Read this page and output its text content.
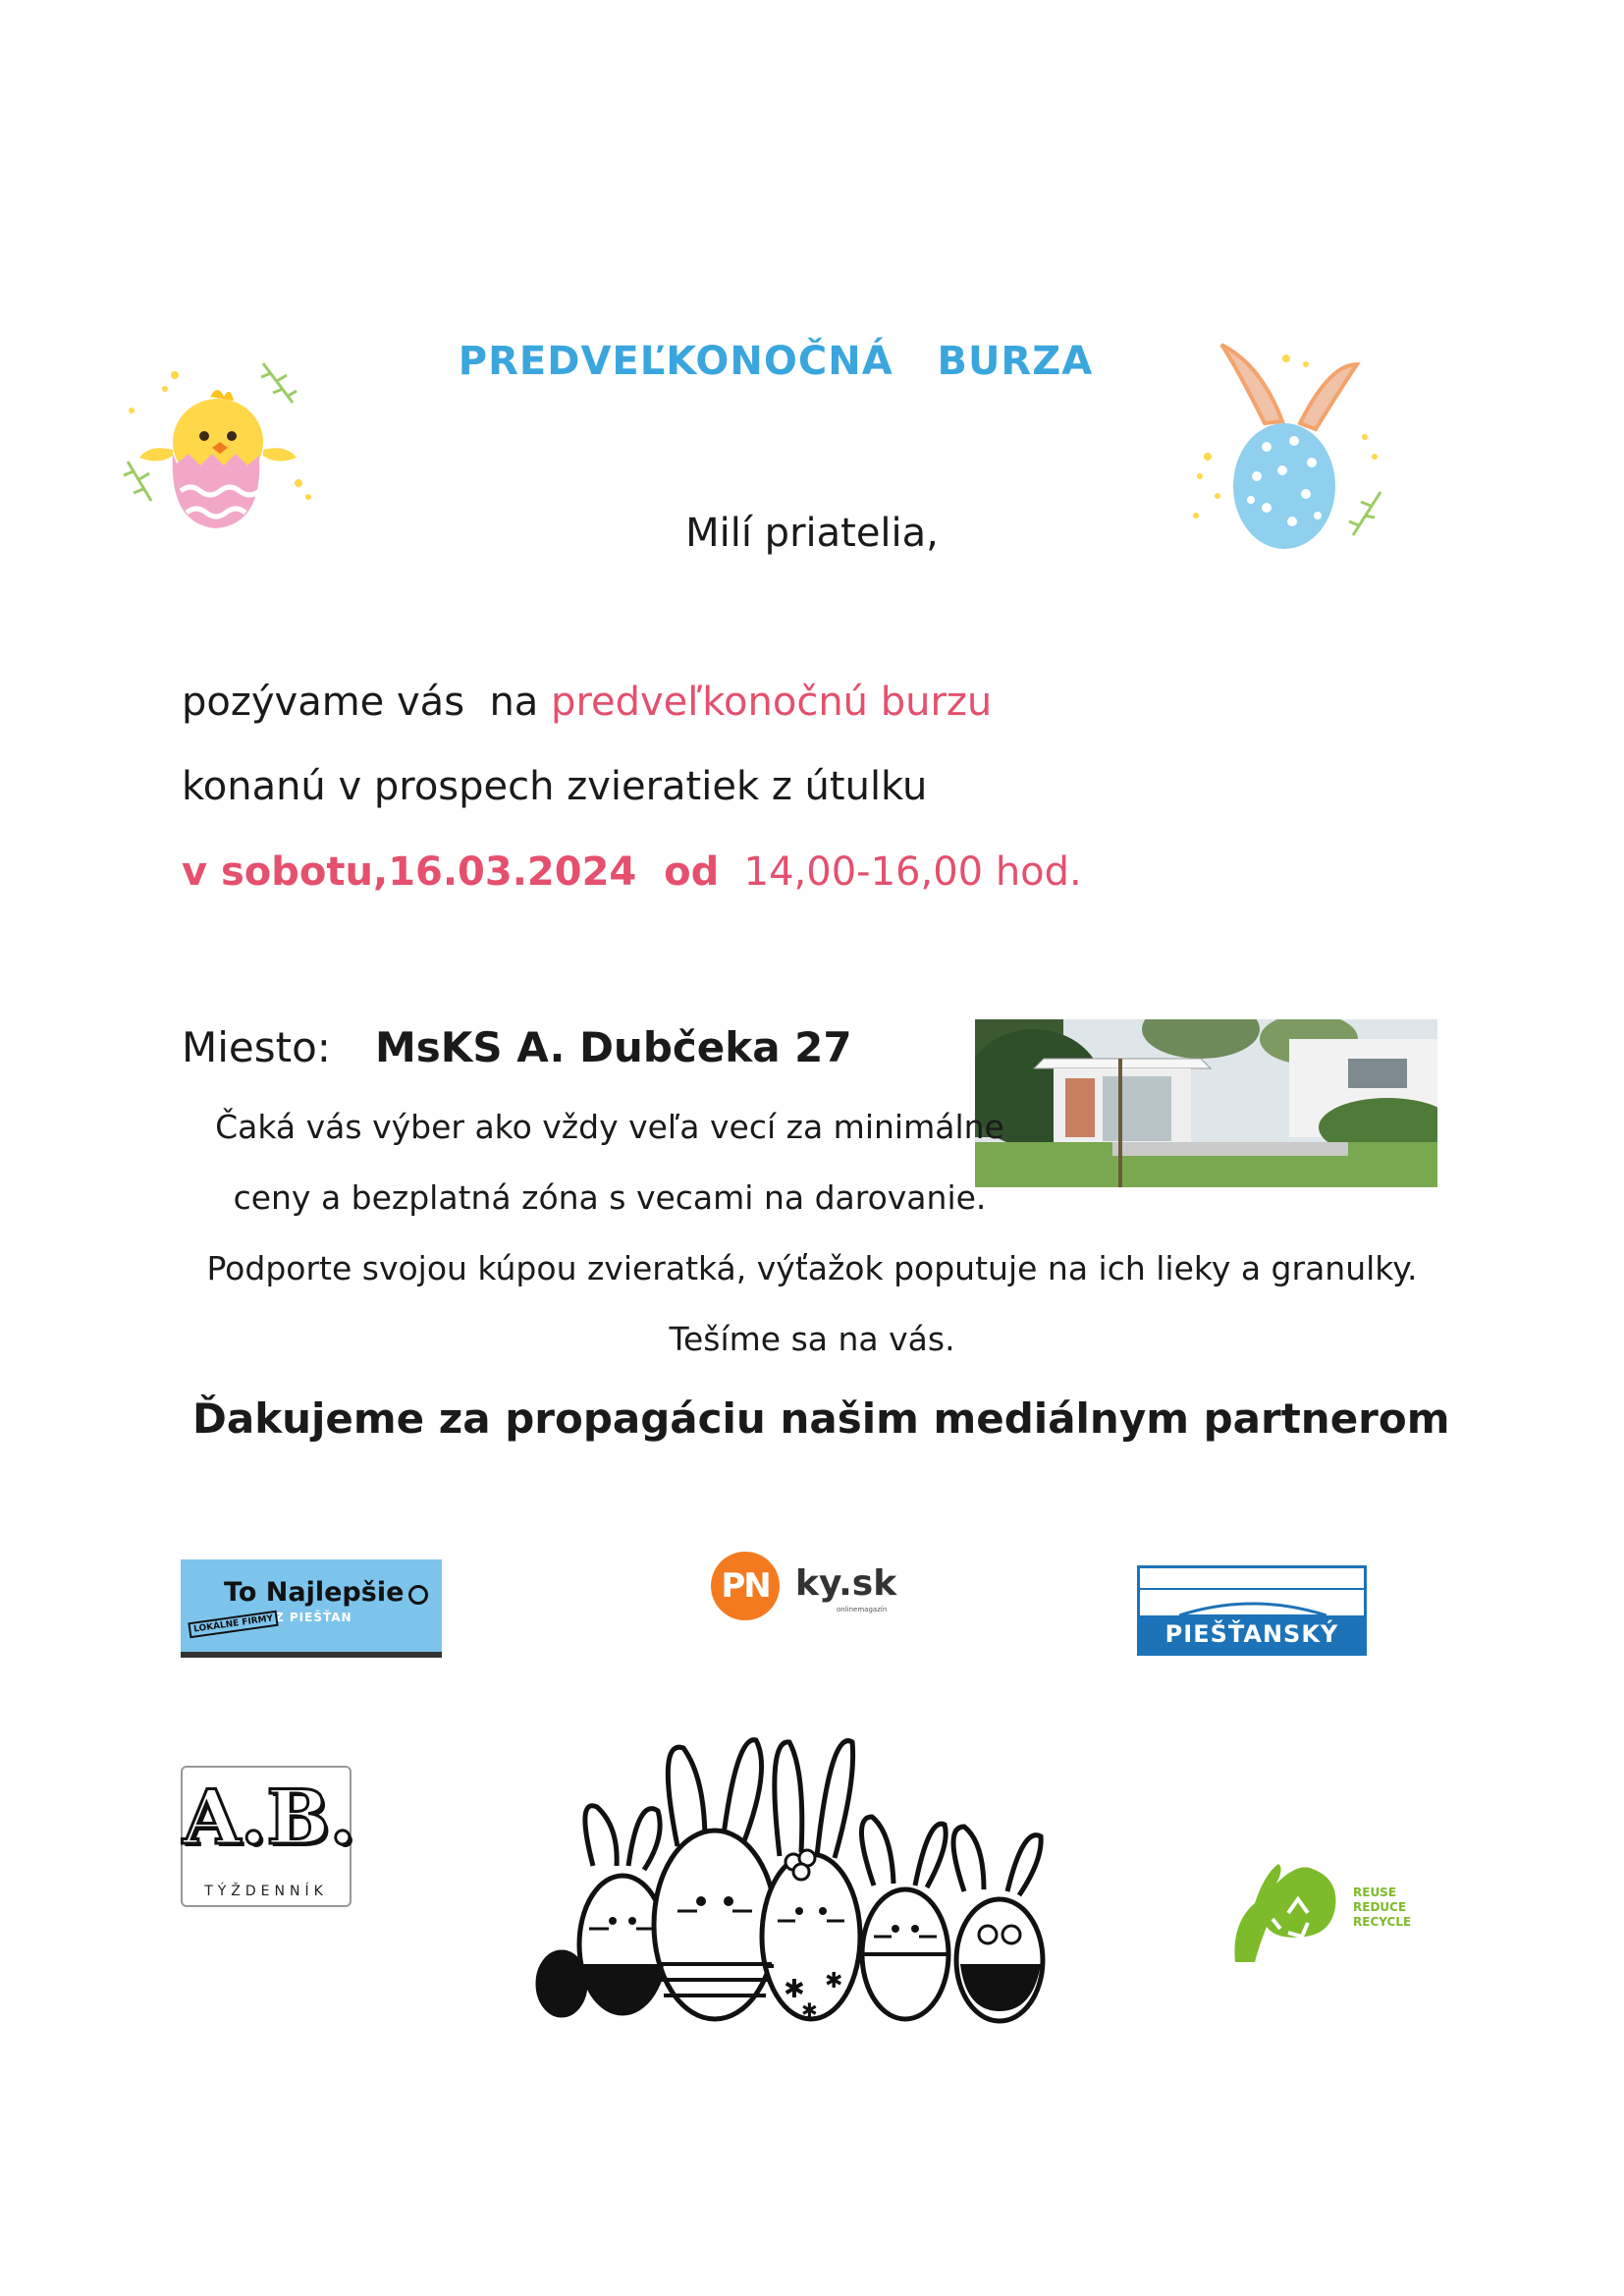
PREDVEĽKONOČNÁ   BURZA
Milí priatelia,
pozývame vás  na predveľkonočnú burzu
konanú v prospech zvieratiek z útulku
v sobotu,16.03.2024  od 14,00-16,00 hod.
Miesto: MsKS A. Dubčeka 27
Čaká vás výber ako vždy veľa vecí za minimálne
ceny a bezplatná zóna s vecami na darovanie.
Podporte svojou kúpou zvieratká, výťažok poputuje na ich lieky a granulky.
Tešíme sa na vás.
Ďakujeme za propagáciu našim mediálnym partnerom
To Najlepšie
Z PIEŠŤAN
LOKÁLNE FIRMY
PN ky.sk
onlinemagazín
PIEŠŤANSKÝ TÝŽDEŇ
A.B.
TÝŽDENNÍK
✱ ✱
✱
REUSE
REDUCE
RECYCLE
